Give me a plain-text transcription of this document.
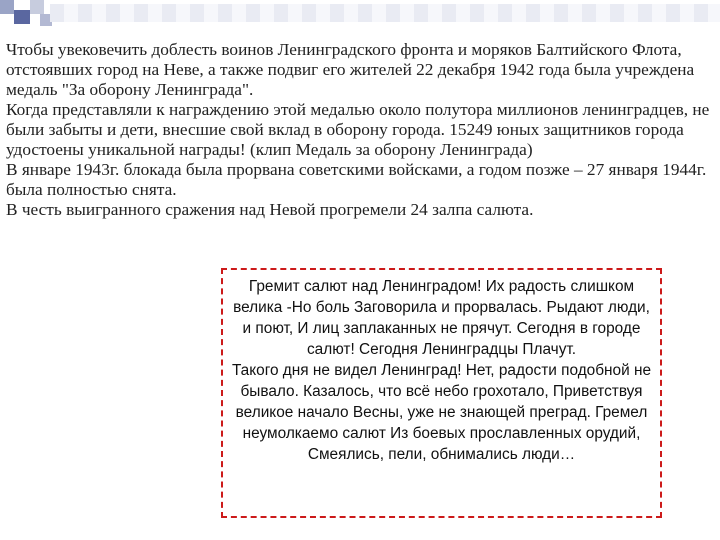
Чтобы увековечить доблесть воинов Ленинградского фронта и моряков Балтийского Флота, отстоявших город на Неве, а также подвиг его жителей 22 декабря 1942 года была учреждена медаль "За оборону Ленинграда".

Когда представляли к награждению этой медалью около полутора миллионов ленинградцев, не были забыты и дети, внесшие свой вклад в оборону города. 15249 юных защитников города удостоены уникальной награды! (клип Медаль за оборону Ленинграда)

В январе 1943г. блокада была прорвана советскими войсками, а годом позже – 27 января 1944г. была полностью снята.

В честь выигранного сражения над Невой прогремели 24 залпа салюта.

Гремит салют над Ленинградом! Их радость слишком велика -Но боль Заговорила и прорвалась. Рыдают люди, и поют, И лиц заплаканных не прячут. Сегодня в городе салют! Сегодня Ленинградцы Плачут.

Такого дня не видел Ленинград! Нет, радости подобной не бывало. Казалось, что всё небо грохотало, Приветствуя великое начало Весны, уже не знающей преград. Гремел неумолкаемо салют Из боевых прославленных орудий, Смеялись, пели, обнимались люди…
